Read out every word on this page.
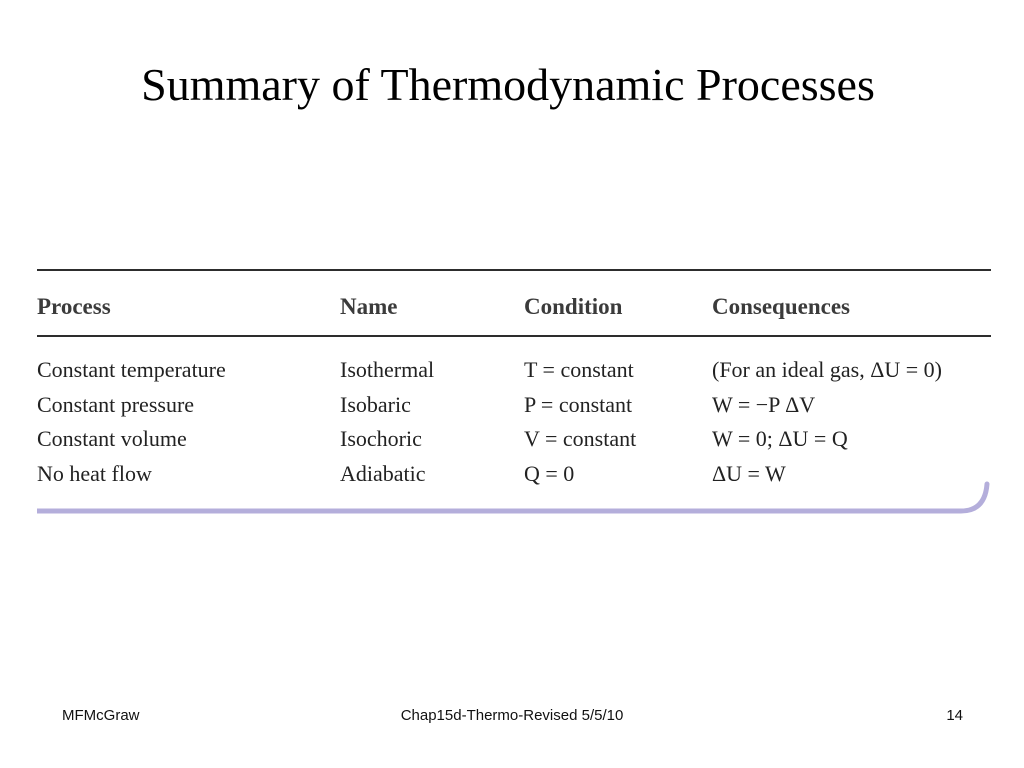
Summary of Thermodynamic Processes
Process	Name	Condition	Consequences
Constant temperature	Isothermal	T = constant	(For an ideal gas, ΔU = 0)
Constant pressure	Isobaric	P = constant	W = −P ΔV
Constant volume	Isochoric	V = constant	W = 0; ΔU = Q
No heat flow	Adiabatic	Q = 0	ΔU = W
MFMcGraw	Chap15d-Thermo-Revised 5/5/10	14
